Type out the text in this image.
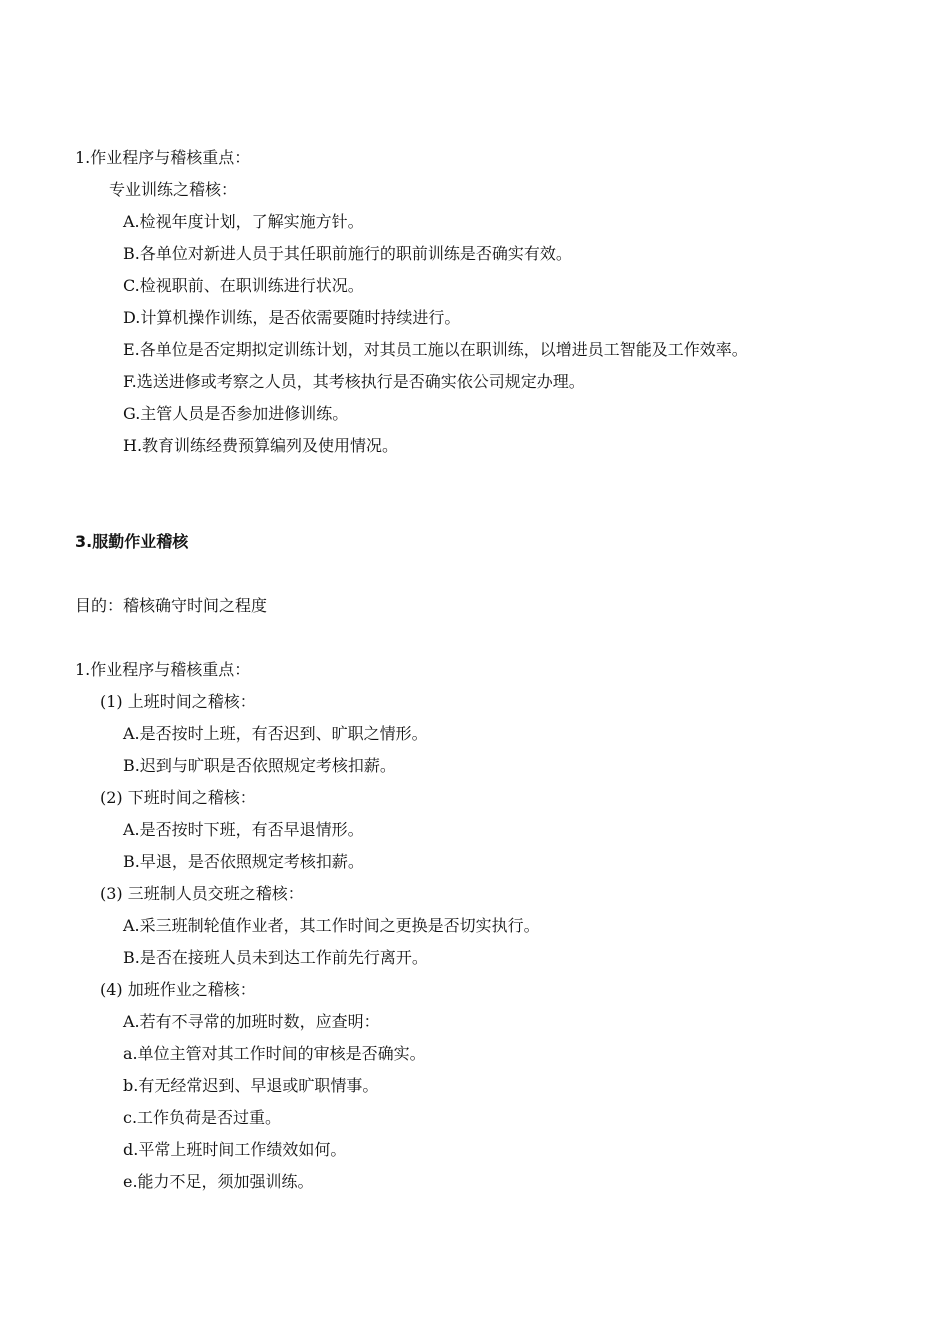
1.作业程序与稽核重点：
专业训练之稽核：
A.检视年度计划，了解实施方针。
B.各单位对新进人员于其任职前施行的职前训练是否确实有效。
C.检视职前、在职训练进行状况。
D.计算机操作训练，是否依需要随时持续进行。
E.各单位是否定期拟定训练计划，对其员工施以在职训练，以增进员工智能及工作效率。
F.选送进修或考察之人员，其考核执行是否确实依公司规定办理。
G.主管人员是否参加进修训练。
H.教育训练经费预算编列及使用情况。
3.服勤作业稽核
目的：稽核确守时间之程度
1.作业程序与稽核重点：
(1) 上班时间之稽核：
A.是否按时上班，有否迟到、旷职之情形。
B.迟到与旷职是否依照规定考核扣薪。
(2) 下班时间之稽核：
A.是否按时下班，有否早退情形。
B.早退，是否依照规定考核扣薪。
(3) 三班制人员交班之稽核：
A.采三班制轮值作业者，其工作时间之更换是否切实执行。
B.是否在接班人员未到达工作前先行离开。
(4) 加班作业之稽核：
A.若有不寻常的加班时数，应查明：
a.单位主管对其工作时间的审核是否确实。
b.有无经常迟到、早退或旷职情事。
c.工作负荷是否过重。
d.平常上班时间工作绩效如何。
e.能力不足，须加强训练。
